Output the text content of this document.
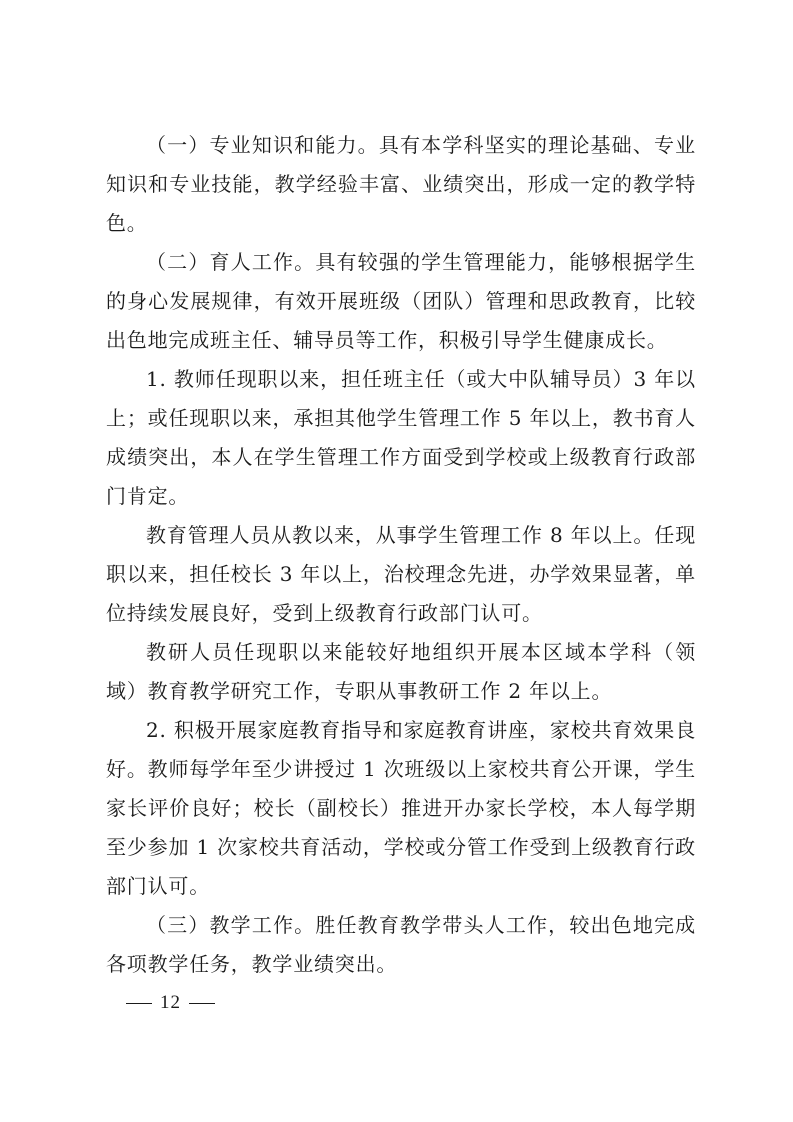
（一）专业知识和能力。具有本学科坚实的理论基础、专业知识和专业技能，教学经验丰富、业绩突出，形成一定的教学特色。

（二）育人工作。具有较强的学生管理能力，能够根据学生的身心发展规律，有效开展班级（团队）管理和思政教育，比较出色地完成班主任、辅导员等工作，积极引导学生健康成长。

1. 教师任现职以来，担任班主任（或大中队辅导员）3 年以上；或任现职以来，承担其他学生管理工作 5 年以上，教书育人成绩突出，本人在学生管理工作方面受到学校或上级教育行政部门肯定。

教育管理人员从教以来，从事学生管理工作 8 年以上。任现职以来，担任校长 3 年以上，治校理念先进，办学效果显著，单位持续发展良好，受到上级教育行政部门认可。

教研人员任现职以来能较好地组织开展本区域本学科（领域）教育教学研究工作，专职从事教研工作 2 年以上。

2. 积极开展家庭教育指导和家庭教育讲座，家校共育效果良好。教师每学年至少讲授过 1 次班级以上家校共育公开课，学生家长评价良好；校长（副校长）推进开办家长学校，本人每学期至少参加 1 次家校共育活动，学校或分管工作受到上级教育行政部门认可。

（三）教学工作。胜任教育教学带头人工作，较出色地完成各项教学任务，教学业绩突出。

12
